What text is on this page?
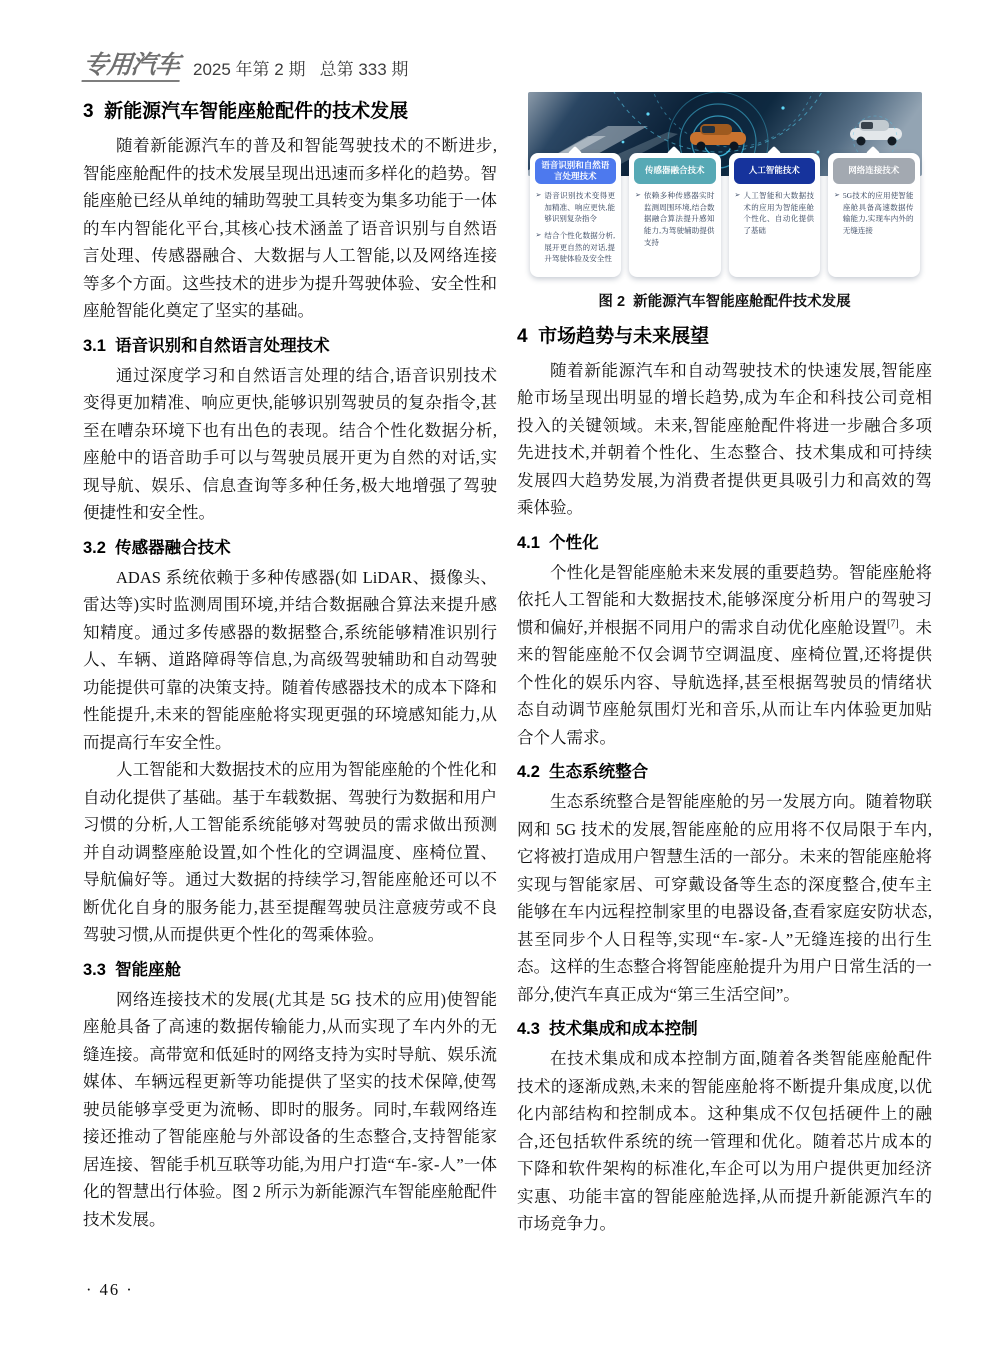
专用汽车 2025 年第 2 期   总第 333 期
3  新能源汽车智能座舱配件的技术发展

随着新能源汽车的普及和智能驾驶技术的不断进步,智能座舱配件的技术发展呈现出迅速而多样化的趋势。智能座舱已经从单纯的辅助驾驶工具转变为集多功能于一体的车内智能化平台,其核心技术涵盖了语音识别与自然语言处理、传感器融合、大数据与人工智能,以及网络连接等多个方面。这些技术的进步为提升驾驶体验、安全性和座舱智能化奠定了坚实的基础。

3.1  语音识别和自然语言处理技术

通过深度学习和自然语言处理的结合,语音识别技术变得更加精准、响应更快,能够识别驾驶员的复杂指令,甚至在嘈杂环境下也有出色的表现。结合个性化数据分析,座舱中的语音助手可以与驾驶员展开更为自然的对话,实现导航、娱乐、信息查询等多种任务,极大地增强了驾驶便捷性和安全性。

3.2  传感器融合技术

ADAS 系统依赖于多种传感器(如 LiDAR、摄像头、雷达等)实时监测周围环境,并结合数据融合算法来提升感知精度。通过多传感器的数据整合,系统能够精准识别行人、车辆、道路障碍等信息,为高级驾驶辅助和自动驾驶功能提供可靠的决策支持。随着传感器技术的成本下降和性能提升,未来的智能座舱将实现更强的环境感知能力,从而提高行车安全性。

人工智能和大数据技术的应用为智能座舱的个性化和自动化提供了基础。基于车载数据、驾驶行为数据和用户习惯的分析,人工智能系统能够对驾驶员的需求做出预测并自动调整座舱设置,如个性化的空调温度、座椅位置、导航偏好等。通过大数据的持续学习,智能座舱还可以不断优化自身的服务能力,甚至提醒驾驶员注意疲劳或不良驾驶习惯,从而提供更个性化的驾乘体验。

3.3  智能座舱

网络连接技术的发展(尤其是 5G 技术的应用)使智能座舱具备了高速的数据传输能力,从而实现了车内外的无缝连接。高带宽和低延时的网络支持为实时导航、娱乐流媒体、车辆远程更新等功能提供了坚实的技术保障,使驾驶员能够享受更为流畅、即时的服务。同时,车载网络连接还推动了智能座舱与外部设备的生态整合,支持智能家居连接、智能手机互联等功能,为用户打造“车-家-人”一体化的智慧出行体验。图 2 所示为新能源汽车智能座舱配件技术发展。

语音识别和自然语言处理技术
➢ 语音识别技术变得更加精准、响应更快,能够识别复杂指令
➢ 结合个性化数据分析,展开更自然的对话,提升驾驶体验及安全性
传感器融合技术
➢ 依赖多种传感器实时监测周围环境,结合数据融合算法提升感知能力,为驾驶辅助提供支持
人工智能技术
➢ 人工智能和大数据技术的应用为智能座舱个性化、自动化提供了基础
网络连接技术
➢ 5G技术的应用使智能座舱具备高速数据传输能力,实现车内外的无缝连接
图 2  新能源汽车智能座舱配件技术发展
4  市场趋势与未来展望

随着新能源汽车和自动驾驶技术的快速发展,智能座舱市场呈现出明显的增长趋势,成为车企和科技公司竞相投入的关键领域。未来,智能座舱配件将进一步融合多项先进技术,并朝着个性化、生态整合、技术集成和可持续发展四大趋势发展,为消费者提供更具吸引力和高效的驾乘体验。

4.1  个性化

个性化是智能座舱未来发展的重要趋势。智能座舱将依托人工智能和大数据技术,能够深度分析用户的驾驶习惯和偏好,并根据不同用户的需求自动优化座舱设置[7]。未来的智能座舱不仅会调节空调温度、座椅位置,还将提供个性化的娱乐内容、导航选择,甚至根据驾驶员的情绪状态自动调节座舱氛围灯光和音乐,从而让车内体验更加贴合个人需求。

4.2  生态系统整合

生态系统整合是智能座舱的另一发展方向。随着物联网和 5G 技术的发展,智能座舱的应用将不仅局限于车内,它将被打造成用户智慧生活的一部分。未来的智能座舱将实现与智能家居、可穿戴设备等生态的深度整合,使车主能够在车内远程控制家里的电器设备,查看家庭安防状态,甚至同步个人日程等,实现“车-家-人”无缝连接的出行生态。这样的生态整合将智能座舱提升为用户日常生活的一部分,使汽车真正成为“第三生活空间”。

4.3  技术集成和成本控制

在技术集成和成本控制方面,随着各类智能座舱配件技术的逐渐成熟,未来的智能座舱将不断提升集成度,以优化内部结构和控制成本。这种集成不仅包括硬件上的融合,还包括软件系统的统一管理和优化。随着芯片成本的下降和软件架构的标准化,车企可以为用户提供更加经济实惠、功能丰富的智能座舱选择,从而提升新能源汽车的市场竞争力。

· 46 ·
